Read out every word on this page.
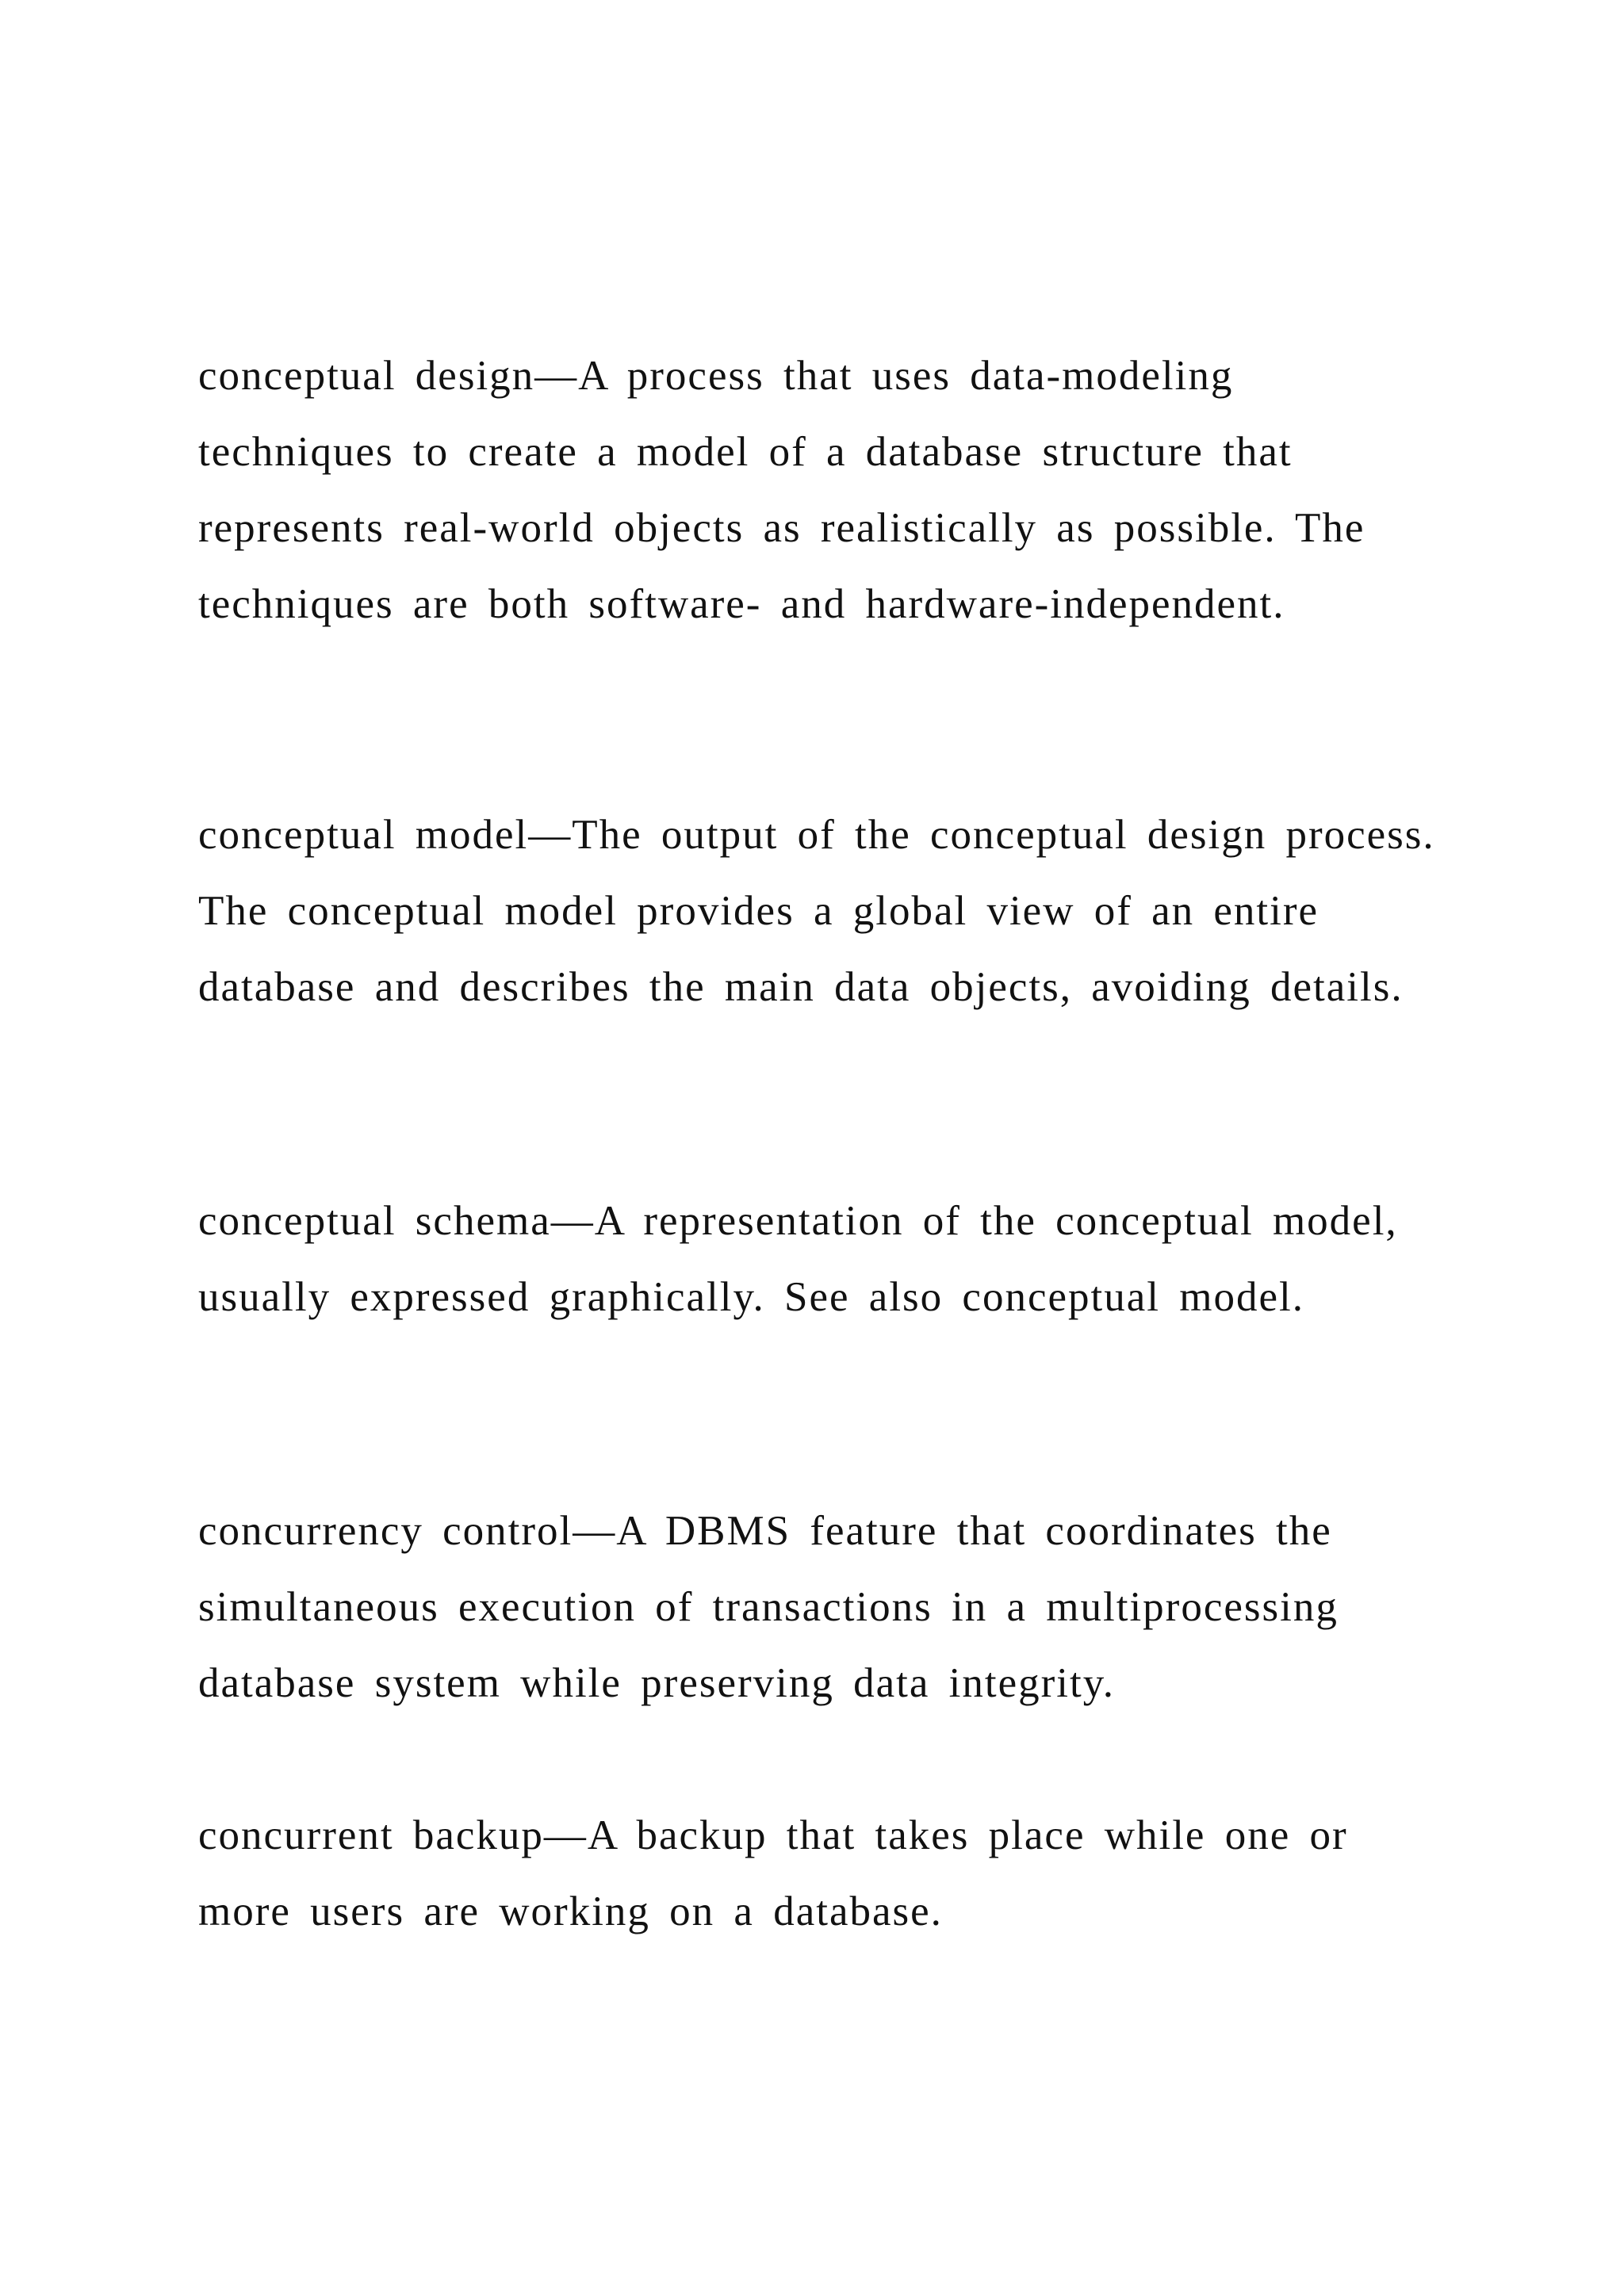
conceptual design—A process that uses data-modeling

techniques to create a model of a database structure that

represents real-world objects as realistically as possible. The

techniques are both software- and hardware-independent.

conceptual model—The output of the conceptual design process.

The conceptual model provides a global view of an entire

database and describes the main data objects, avoiding details.

conceptual schema—A representation of the conceptual model,

usually expressed graphically. See also conceptual model.

concurrency control—A DBMS feature that coordinates the

simultaneous execution of transactions in a multiprocessing

database system while preserving data integrity.

concurrent backup—A backup that takes place while one or

more users are working on a database.
